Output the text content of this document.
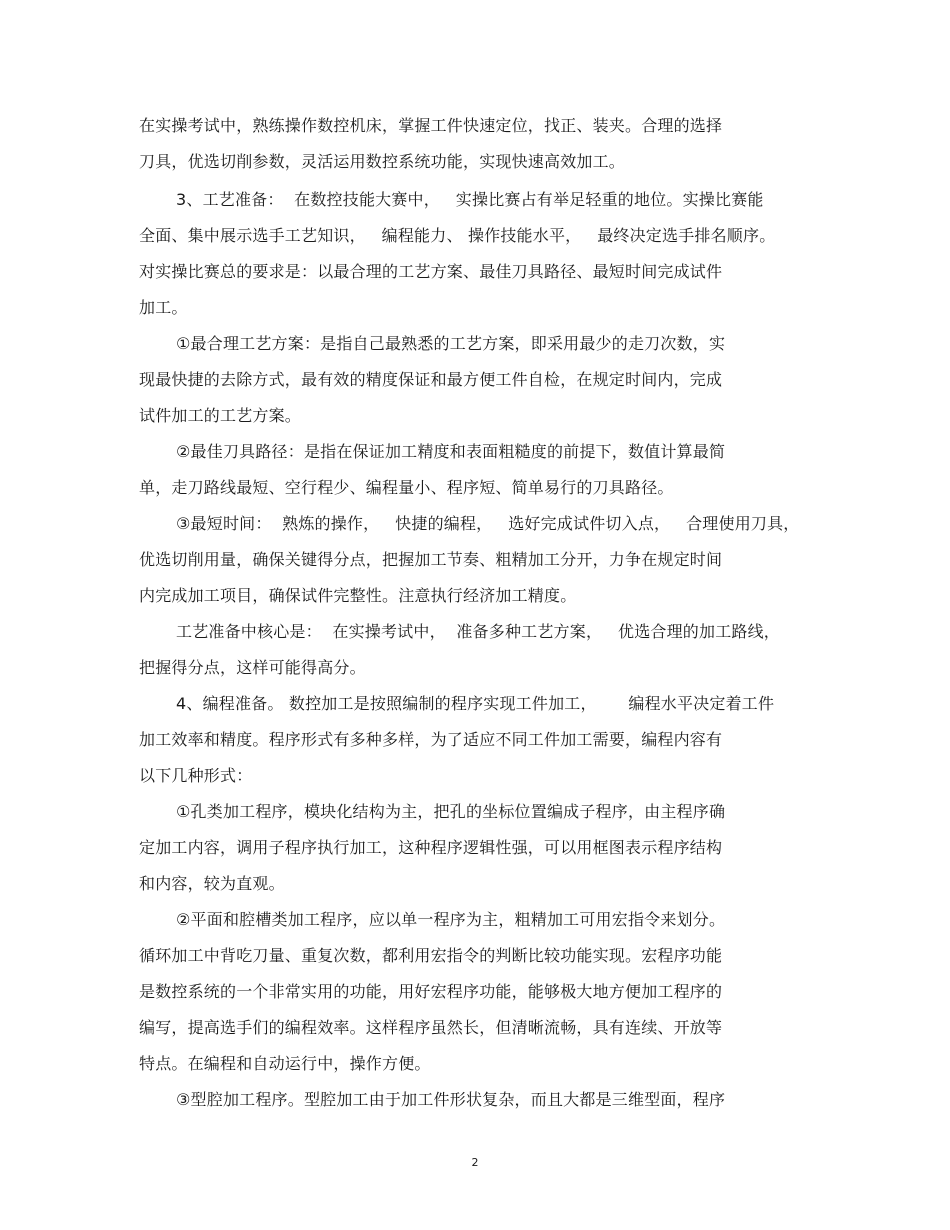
在实操考试中，熟练操作数控机床，掌握工件快速定位，找正、装夹。合理的选择
刀具，优选切削参数，灵活运用数控系统功能，实现快速高效加工。
3、工艺准备：  在数控技能大赛中，   实操比赛占有举足轻重的地位。实操比赛能
全面、集中展示选手工艺知识，   编程能力、 操作技能水平，   最终决定选手排名顺序。
对实操比赛总的要求是：以最合理的工艺方案、最佳刀具路径、最短时间完成试件
加工。
①最合理工艺方案：是指自己最熟悉的工艺方案，即采用最少的走刀次数，实
现最快捷的去除方式，最有效的精度保证和最方便工件自检，在规定时间内，完成
试件加工的工艺方案。
②最佳刀具路径：是指在保证加工精度和表面粗糙度的前提下，数值计算最简
单，走刀路线最短、空行程少、编程量小、程序短、简单易行的刀具路径。
③最短时间：  熟炼的操作，   快捷的编程，   选好完成试件切入点，   合理使用刀具，
优选切削用量，确保关键得分点，把握加工节奏、粗精加工分开，力争在规定时间
内完成加工项目，确保试件完整性。注意执行经济加工精度。
工艺准备中核心是：  在实操考试中，  准备多种工艺方案，   优选合理的加工路线，
把握得分点，这样可能得高分。
4、编程准备。 数控加工是按照编制的程序实现工件加工，      编程水平决定着工件
加工效率和精度。程序形式有多种多样，为了适应不同工件加工需要，编程内容有
以下几种形式：
①孔类加工程序，模块化结构为主，把孔的坐标位置编成子程序，由主程序确
定加工内容，调用子程序执行加工，这种程序逻辑性强，可以用框图表示程序结构
和内容，较为直观。
②平面和腔槽类加工程序，应以单一程序为主，粗精加工可用宏指令来划分。
循环加工中背吃刀量、重复次数，都利用宏指令的判断比较功能实现。宏程序功能
是数控系统的一个非常实用的功能，用好宏程序功能，能够极大地方便加工程序的
编写，提高选手们的编程效率。这样程序虽然长，但清晰流畅，具有连续、开放等
特点。在编程和自动运行中，操作方便。
③型腔加工程序。型腔加工由于加工件形状复杂，而且大都是三维型面，程序
2
